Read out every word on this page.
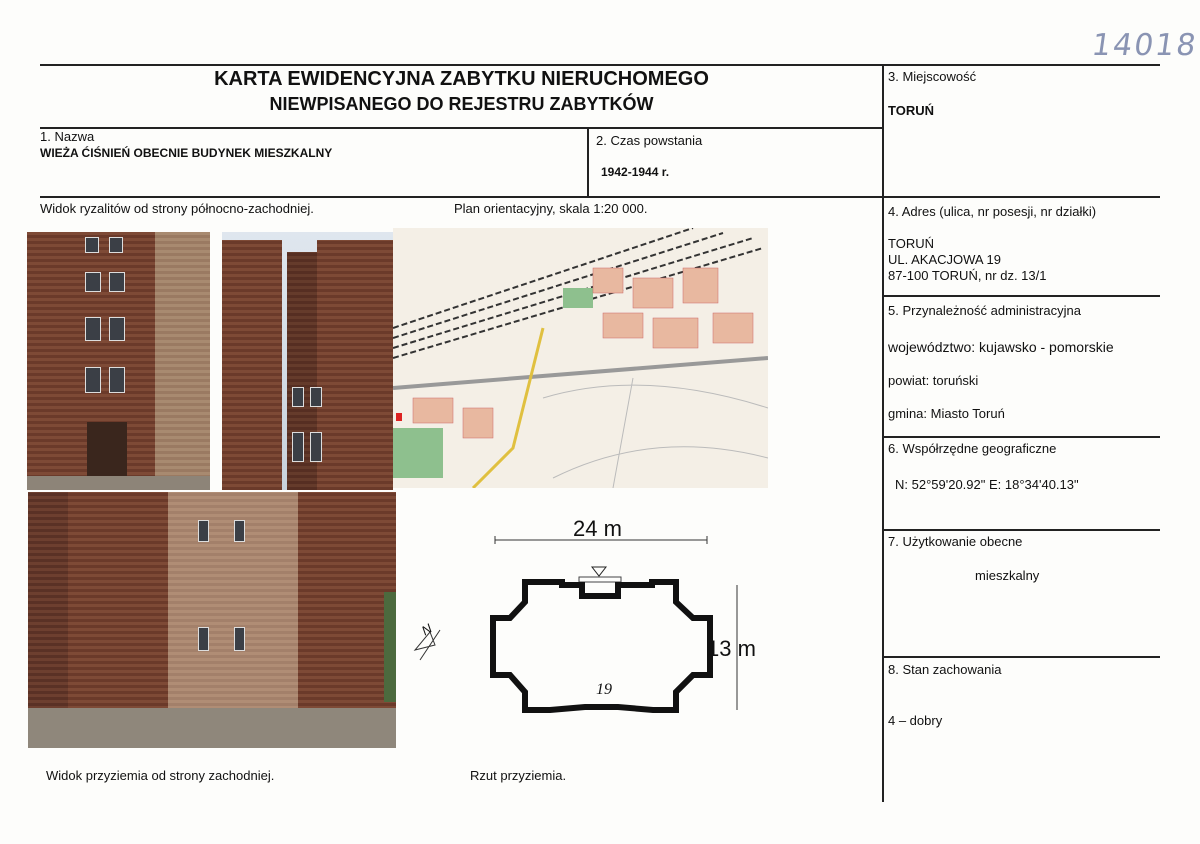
14018
KARTA EWIDENCYJNA ZABYTKU NIERUCHOMEGO
NIEWPISANEGO DO REJESTRU ZABYTKÓW
1. Nazwa
WIEŻA ĆIŚNIEŃ OBECNIE BUDYNEK MIESZKALNY
2. Czas powstania
1942-1944 r.
3. Miejscowość
TORUŃ
4. Adres (ulica, nr posesji, nr działki)
TORUŃ
UL. AKACJOWA 19
87-100 TORUŃ, nr dz. 13/1
5. Przynależność administracyjna
województwo: kujawsko - pomorskie
powiat: toruński
gmina: Miasto Toruń
6. Współrzędne geograficzne
N: 52°59'20.92" E: 18°34'40.13"
7. Użytkowanie obecne
mieszkalny
8. Stan zachowania
4 – dobry
Widok ryzalitów od strony północno-zachodniej.	Plan orientacyjny, skala 1:20 000.
Widok przyziemia od strony zachodniej.	Rzut przyziemia.
24 m
13 m
19
N
